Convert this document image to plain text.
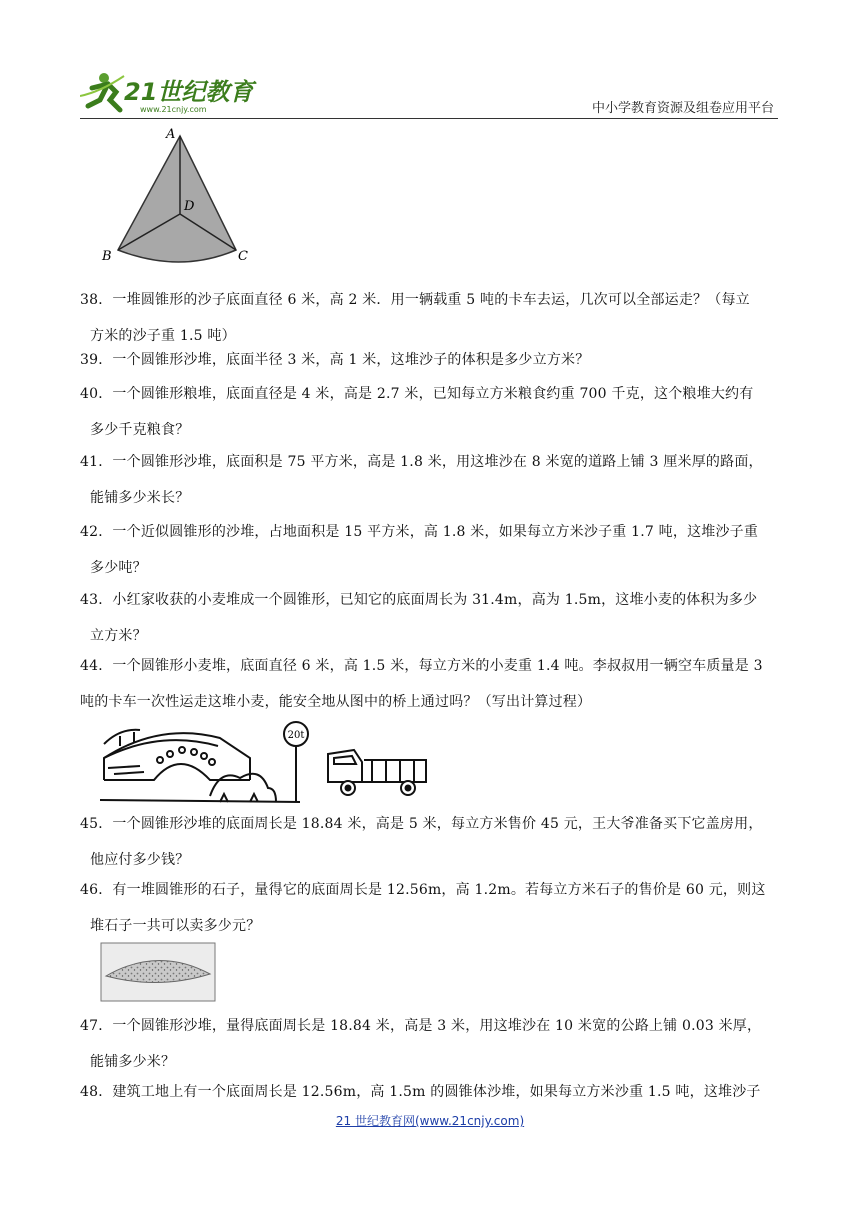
21世纪教育
www.21cnjy.com	中小学教育资源及组卷应用平台
A
D
B	C

38．一堆圆锥形的沙子底面直径 6 米，高 2 米．用一辆载重 5 吨的卡车去运，几次可以全部运走？（每立

方米的沙子重 1.5 吨）

39．一个圆锥形沙堆，底面半径 3 米，高 1 米，这堆沙子的体积是多少立方米？

40．一个圆锥形粮堆，底面直径是 4 米，高是 2.7 米，已知每立方米粮食约重 700 千克，这个粮堆大约有

多少千克粮食？

41．一个圆锥形沙堆，底面积是 75 平方米，高是 1.8 米，用这堆沙在 8 米宽的道路上铺 3 厘米厚的路面，

能铺多少米长？

42．一个近似圆锥形的沙堆，占地面积是 15 平方米，高 1.8 米，如果每立方米沙子重 1.7 吨，这堆沙子重

多少吨？

43．小红家收获的小麦堆成一个圆锥形，已知它的底面周长为 31.4m，高为 1.5m，这堆小麦的体积为多少

立方米？

44．一个圆锥形小麦堆，底面直径 6 米，高 1.5 米，每立方米的小麦重 1.4 吨。李叔叔用一辆空车质量是 3

吨的卡车一次性运走这堆小麦，能安全地从图中的桥上通过吗？（写出计算过程）

20t

45．一个圆锥形沙堆的底面周长是 18.84 米，高是 5 米，每立方米售价 45 元，王大爷准备买下它盖房用，

他应付多少钱？

46．有一堆圆锥形的石子，量得它的底面周长是 12.56m，高 1.2m。若每立方米石子的售价是 60 元，则这

堆石子一共可以卖多少元？

47．一个圆锥形沙堆，量得底面周长是 18.84 米，高是 3 米，用这堆沙在 10 米宽的公路上铺 0.03 米厚，

能铺多少米？

48．建筑工地上有一个底面周长是 12.56m，高 1.5m 的圆锥体沙堆，如果每立方米沙重 1.5 吨，这堆沙子

21 世纪教育网(www.21cnjy.com)
